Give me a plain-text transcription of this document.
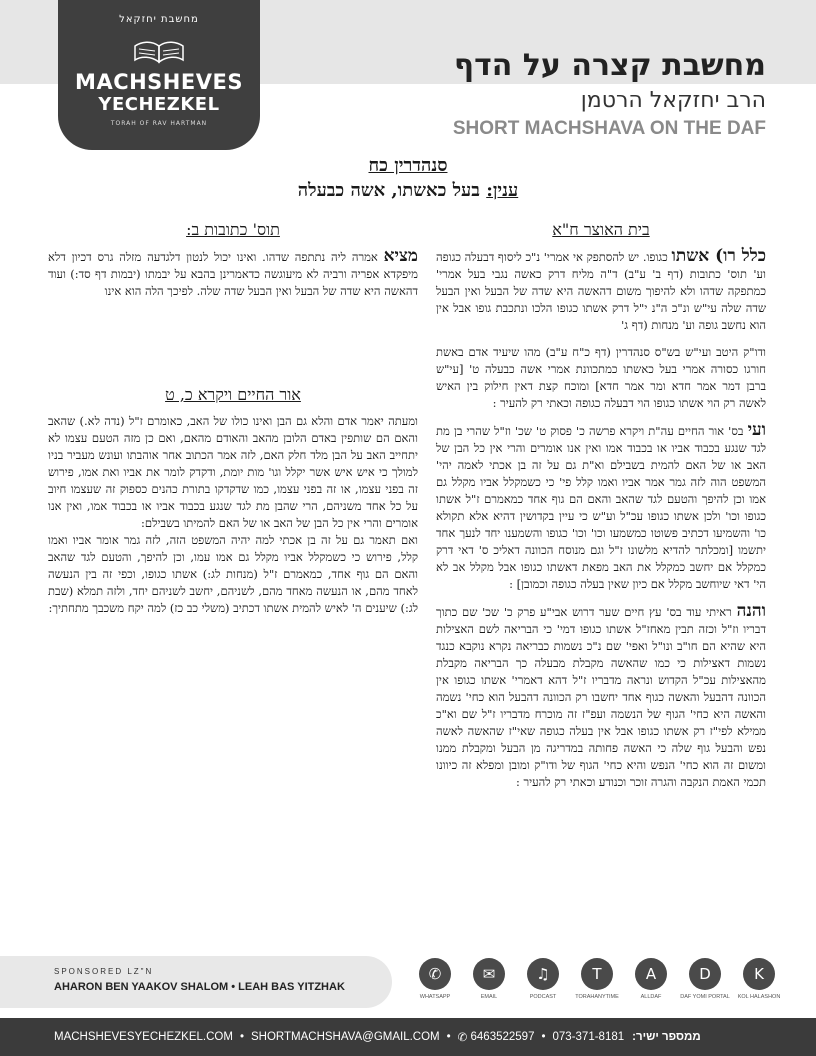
מחשבת יחזקאל
MACHSHEVES
YECHEZKEL
TORAH OF RAV HARTMAN
מחשבת קצרה על הדף
הרב יחזקאל הרטמן
SHORT MACHSHAVA ON THE DAF
סנהדרין כח
ענין: בעל כאשתו, אשה כבעלה
בית האוצר ח"א

כלל רו) אשתו כגופו. יש להסתפק אי אמרי' נ"כ ליסוף דבעלה כגופה וע' תוס' כתובות (דף ב' ע"ב) ד"ה מליח דרק כאשה נגבי בעל אמרי' כמתפקה שדהו ולא להיפוך משום דהאשה היא שדה של הבעל ואין הבעל שדה שלה עי"ש ונ"כ ה"נ י"ל דרק אשתו כגופו הלכו ונתכבת גופו אבל אין הוא נחשב גופה וע' מנחות (דף ג'

ודו"ק היטב ועי"ש בש"ס סנהדרין (דף כ"ח ע"ב) מהו שיעיד אדם באשת חורגו כסורה אמרי בעל כאשתו כמתכוונת אמרי אשה כבעלה ט' [עי"ש ברבן דמר אמר חדא ומר אמר חדא] ומוכח קצת דאין חילוק בין האיש לאשה רק הוי אשתו כגופו הוי דבעלה כגופה וכאתי רק להעיר :

ועי בס' אור החיים עה"ת ויקרא פרשה כ' פסוק ט' שכ' וז"ל שהרי בן מת לגד שנגע בכבוד אביו או בכבוד אמו ואין אנו אומרים והרי אין כל הבן של האב או של האם להמית בשבילם וא"ת גם על זה בן אכתי לאמה יהי' המשפט הוה לזה גמר אמר אביו ואמו קלל פי' כי כשמקלל אביו מקלל גם אמו וכן להיפך והטעם לגד שהאב והאם הם גוף אחד כמאמרם ז"ל אשתו כגופו וכו' ולכן אשתו כגופו עכ"ל וע"ש כי עיין בקדושין דהיא אלא תקולא כו' והשמיעו דכתיב פשוטו כמשמעו וכו' וכו' כגופו והשמענו יחד לנעך אחד יתשמו [ומכלתר להדיא מלשונו ז"ל וגם מנוסח הכוונה דאליכ ס' דאי דרק כמקלל אם יחשב כמקלל את האב מפאת דאשתו כגופו אבל מקלל אב לא הי' דאי שיוחשב מקלל אם כיון שאין בעלה כגופה וכמובן] :

והנה ראיתי עוד בס' עץ חיים שער דרוש אבי"ע פרק כ' שכ' שם כתוך דבריו וז"ל וכזה תבין מאחז"ל אשתו כגופו דמי' כי הבריאה לשם האצילות היא שהיא הם חו"ב ונו"ל ואפי' שם נ"כ נשמות כבריאה נקרא נוקבא כנגד נשמות דאצילות כי כמו שהאשה מקבלת מבעלה כך הבריאה מקבלת מהאצילות עכ"ל הקדוש ונראה מדבריו ז"ל דהא דאמרי' אשתו כגופו אין הכוונה דהבעל והאשה כגוף אחד יחשבו רק הכוונה דהבעל הוא כחי' נשמה והאשה היא כחי' הגוף של הנשמה ועפ"ז זה מוכרח מדבריו ז"ל שם וא"כ ממילא לפי"ז רק אשתו כגופו אבל אין בעלה כגופה שאי"ז שהאשה לאשה נפש והבעל גוף שלה כי האשה פחותה במדריגה מן הבעל ומקבלת ממנו ומשום זה הוא כחי' הנפש והיא כחי' הגוף של ודו"ק ומובן ומפלא זה כיוונו תכמי האמת הנקבה והגרה זוכר וכנודע וכאתי רק להעיר :

תוס' כתובות ב:

מציא אמרה ליה נתתפה שדהו. ואינו יכול לנטון דלגדעה מזלה גרס דכיון דלא מיפקדא אפריה ורביה לא מיעוגשה כדאמרינן בהבא על יבמתו (יבמות דף סד:) ועוד דהאשה היא שדה של הבעל ואין הבעל שדה שלה. לפיכך הלה הוא אינו

אור החיים ויקרא כ, ט

ומעתה יאמר אדם והלא גם הבן ואינו כולו של האב, כאומרם ז"ל (נדה לא.) שהאב והאם הם שותפין באדם הלובן מהאב והאודם מהאם, ואם כן מזה הטעם עצמו לא יתחייב האב על הבן מלד חלק האם, לזה אמר הכתוב אחר אוהבתו ועונש מעביר בניו למולך כי איש איש אשר יקלל וגו' מות יומת, ודקדק לומר את אביו ואת אמו, פירוש זה בפני עצמו, או זה בפני עצמו, כמו שדקדקו בתורת כהנים כספוק זה שעצמו חיוב על כל אחד משניהם, הרי שהבן מת לגד שנגע בכבוד אביו או בכבוד אמו, ואין אנו אומרים והרי אין כל הבן של האב או של האם להמיתו בשבילם:

ואם תאמר גם על זה בן אכתי למה יהיה המשפט הזה, לזה גמר אומר אביו ואמו קלל, פירוש כי כשמקלל אביו מקלל גם אמו עמו, וכן להיפך, והטעם לגד שהאב והאם הם גוף אחד, כמאמרם ז"ל (מנחות לג:) אשתו כגופו, וכפי זה בין הנעשה לאחד מהם, או הנעשה מאחד מהם, לשניהם, יחשב לשניהם יחד, ולזה תמלא (שבת לג:) שיענים ה' לאיש להמית אשתו דכתיב (משלי כב כז) למה יקח משכבך מתחתיך:

SPONSORED LZ"N
AHARON BEN YAAKOV SHALOM • LEAH BAS YITZHAK
✆
WHATSAPP
✉
EMAIL
♫
PODCAST
T
TORAHANYTIME
A
ALLDAF
D
DAF YOMI PORTAL
K
KOL HALASHON
MACHSHEVESYECHEZKEL.COM • SHORTMACHSHAVA@GMAIL.COM • ✆ 6463522597 • 073-371-8181 ממספר ישיר:
